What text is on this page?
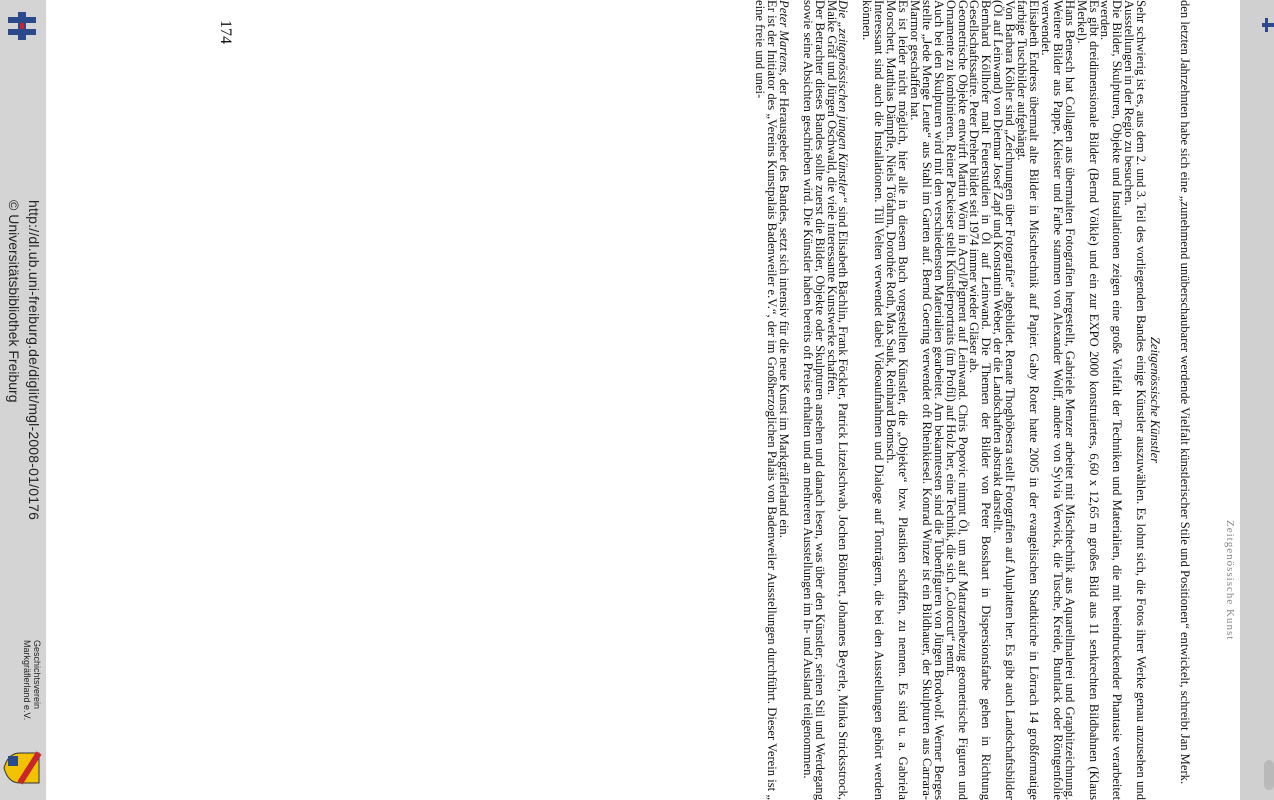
http://dl.ub.uni-freiburg.de/diglit/mgl-2008-01/0176
© Universitätsbibliothek Freiburg
Geschichtsverein
Markgräflerland e.V.
Zeitgenössische Kunst

den letzten Jahrzehnten habe sich eine „zunehmend unüberschaubarer werdende Vielfalt künstlerischer Stile und Positionen“ entwickelt, schreibt Jan Merk.

Zeitgenössische Künstler

Sehr schwierig ist es, aus dem 2. und 3. Teil des vorliegenden Bandes einige Künstler auszuwählen. Es lohnt sich, die Fotos ihrer Werke genau anzusehen und Ausstellungen in der Regio zu besuchen.

Die Bilder, Skulpturen, Objekte und Installationen zeigen eine große Vielfalt der Techniken und Materialien, die mit beeindruckender Phantasie verarbeitet werden.

Es gibt dreidimensionale Bilder (Bernd Völkle) und ein zur EXPO 2000 konstruiertes, 6,60 x 12,65 m großes Bild aus 11 senkrechten Bildbahnen (Klaus Merkel).

Hans Benesch hat Collagen aus übermalten Fotografien hergestellt, Gabriele Menzer arbeitet mit Mischtechnik aus Aquarellmalerei und Graphitzeichnung. Weitere Bilder aus Pappe, Kleister und Farbe stammen von Alexander Wolff, andere von Sylvia Verwick, die Tusche, Kreide, Buntlack oder Röntgenfolie verwendet.

Elisabeth Endress übermalt alte Bilder in Mischtechnik auf Papier. Gaby Roter hatte 2005 in der evangelischen Stadtkirche in Lörrach 14 großformatige farbige Tuschbilder aufgehängt.

Von Barbara Köhler sind „Zeichnungen über Fotografie“ abgebildet. Renate Thoghöbesra stellt Fotografien auf Aluplatten her. Es gibt auch Landschaftsbilder (Öl auf Leinwand) von Dietmar Josef Zapf und Konstantin Weber, der die Landschaften abstrakt darstellt.

Bernhard Köllhofer malt Feuerstudien in Öl auf Leinwand. Die Themen der Bilder von Peter Bosshart in Dispersionsfarbe gehen in Richtung Gesellschaftssatire. Peter Dreher bildet seit 1974 immer wieder Gläser ab.

Geometrische Objekte entwirft Martin Wörn in Acryl/Pigment auf Leinwand. Chris Popovic nimmt Öl, um auf Matratzenbezug geometrische Figuren und Ornamente zu kombinieren. Reiner Packeiser stellt Künstlerportraits (im Profil) auf Holz her, eine Technik, die sich „Colorcut“ nennt.

Auch bei den Skulpturen wird mit den verschiedensten Materialien gearbeitet. Am bekanntesten sind die Tubenfiguren von Jürgen Brodwolf. Werner Berges stellte „Jede Menge Leute“ aus Stahl im Garten auf. Bernd Goering verwendet oft Rheinkiesel. Konrad Winzer ist ein Bildhauer, der Skulpturen aus Carrara-Marmor geschaffen hat.

Es ist leider nicht möglich, hier alle in diesem Buch vorgestellten Künstler, die „Objekte“ bzw. Plastiken schaffen, zu nennen. Es sind u. a. Gabriela Morschett, Matthias Dämpfle, Niels Töfahrn, Dorothée Roth, Max Sauk, Reinhard Bomsch.

Interessant sind auch die Installationen. Till Velten verwendet dabei Videoaufnahmen und Dialoge auf Tonträgern, die bei den Ausstellungen gehört werden können.

Die „zeitgenössischen jungen Künstler“ sind Elisabeth Bächlin, Frank Föckler, Patrick Litzelschwab, Jochen Böhnert, Johannes Beyerle, Minka Stricksstrock, Maike Gräf und Jürgen Oschwald, die viele interessante Kunstwerke schaffen.

Der Betrachter dieses Bandes sollte zuerst die Bilder, Objekte oder Skulpturen ansehen und danach lesen, was über den Künstler, seinen Stil und Werdegang sowie seine Absichten geschrieben wird. Die Künstler haben bereits oft Preise erhalten und an mehreren Ausstellungen im In- und Ausland teilgenommen.

Peter Martens, der Herausgeber des Bandes, setzt sich intensiv für die neue Kunst im Markgräflerland ein.

Er ist der Initiator des „Vereins Kunstpalais Badenweiler e.V.“, der im Großherzoglichen Palais von Badenweiler Ausstellungen durchführt. Dieser Verein ist „ eine freie und unei-

174
